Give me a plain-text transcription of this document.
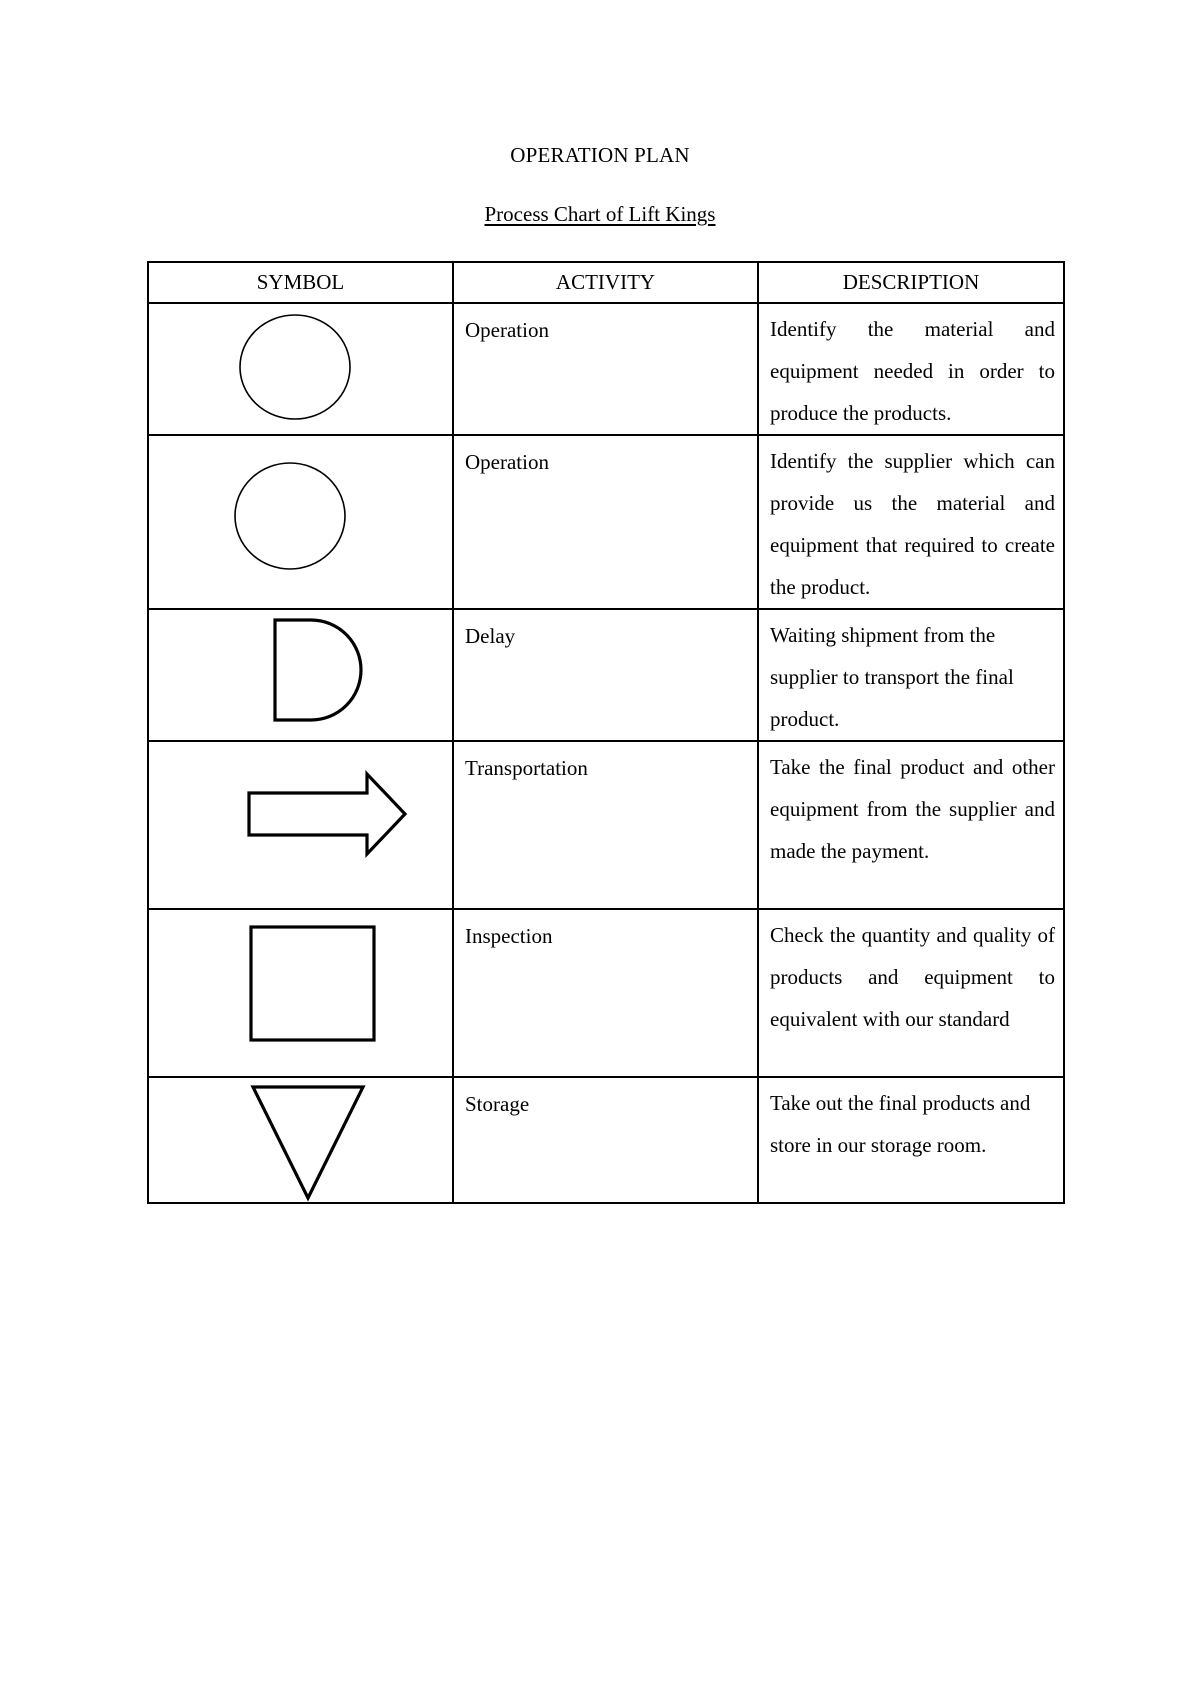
OPERATION PLAN
Process Chart of Lift Kings
SYMBOL	ACTIVITY	DESCRIPTION

Operation	Identify the material and equipment needed in order to produce the products.

Operation	Identify the supplier which can provide us the material and equipment that required to create the product.

Delay	Waiting shipment from the supplier to transport the final product.

Transportation	Take the final product and other equipment from the supplier and made the payment.

Inspection	Check the quantity and quality of products and equipment to equivalent with our standard

Storage	Take out the final products and store in our storage room.
